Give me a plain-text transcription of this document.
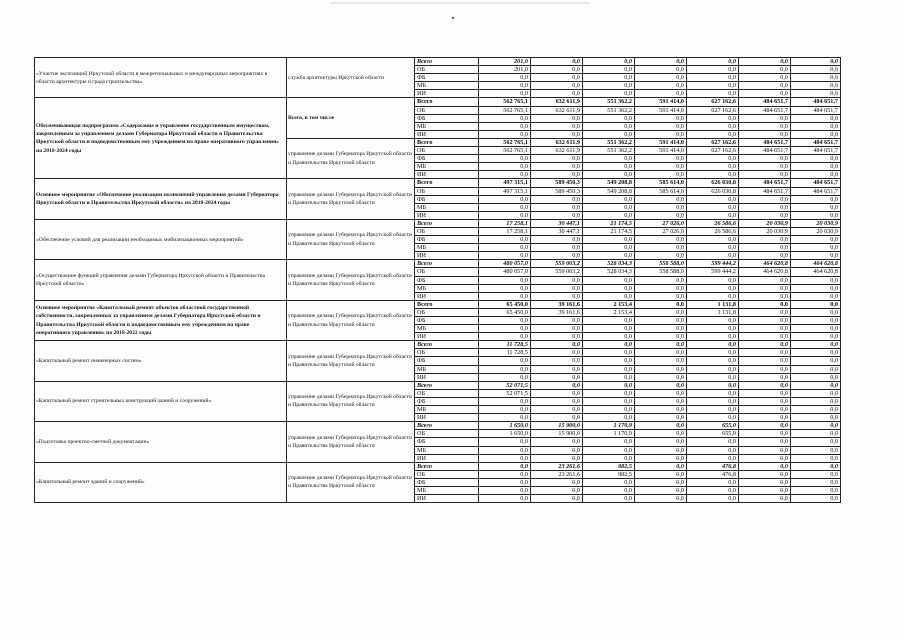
«Участие экспозиций Иркутской области в межрегиональных и международных мероприятиях в области архитектуры и градостроительства»	служба архитектуры Иркутской области	Всего	201,0	0,0	0,0	0,0	0,0	0,0	0,0
		ОБ	201,0	0,0	0,0	0,0	0,0	0,0	0,0
		ФБ	0,0	0,0	0,0	0,0	0,0	0,0	0,0
		МБ	0,0	0,0	0,0	0,0	0,0	0,0	0,0
		ИИ	0,0	0,0	0,0	0,0	0,0	0,0	0,0
Обеспечивающая подпрограмма «Содержание и управление государственным имуществом, закрепленным за управлением делами Губернатора Иркутской области и Правительства Иркутской области и подведомственным ему учреждением на праве оперативного управления» на 2018-2024 годы	Всего, в том числе	Всего	562 765,1	632 611,9	551 362,2	591 414,0	627 162,6	484 651,7	484 651,7
		ОБ	562 765,1	632 611,9	551 362,2	591 414,0	627 162,6	484 651,7	484 651,7
		ФБ	0,0	0,0	0,0	0,0	0,0	0,0	0,0
		МБ	0,0	0,0	0,0	0,0	0,0	0,0	0,0
		ИИ	0,0	0,0	0,0	0,0	0,0	0,0	0,0
	управление делами Губернатора Иркутской области и Правительства Иркутской области	Всего	562 765,1	632 611,9	551 362,2	591 414,0	627 162,6	484 651,7	484 651,7
		ОБ	562 765,1	632 611,9	551 362,2	591 414,0	627 162,6	484 651,7	484 651,7
		ФБ	0,0	0,0	0,0	0,0	0,0	0,0	0,0
		МБ	0,0	0,0	0,0	0,0	0,0	0,0	0,0
		ИИ	0,0	0,0	0,0	0,0	0,0	0,0	0,0
Основное мероприятие «Обеспечение реализации полномочий управления делами Губернатора Иркутской области и Правительства Иркутской области» на 2018-2024 годы	управление делами Губернатора Иркутской области и Правительства Иркутской области	Всего	497 315,1	589 450,3	549 208,8	585 614,0	626 030,8	484 651,7	484 651,7
		ОБ	497 315,1	589 450,3	549 208,8	585 614,0	626 030,8	484 651,7	484 651,7
		ФБ	0,0	0,0	0,0	0,0	0,0	0,0	0,0
		МБ	0,0	0,0	0,0	0,0	0,0	0,0	0,0
		ИИ	0,0	0,0	0,0	0,0	0,0	0,0	0,0
«Обеспечение условий для реализации необходимых мобилизационных мероприятий»	управление делами Губернатора Иркутской области и Правительства Иркутской области	Всего	17 258,1	30 447,1	21 174,5	27 026,0	26 586,6	20 030,9	20 030,9
		ОБ	17 258,1	30 447,1	21 174,5	27 026,0	26 586,6	20 030,9	20 030,9
		ФБ	0,0	0,0	0,0	0,0	0,0	0,0	0,0
		МБ	0,0	0,0	0,0	0,0	0,0	0,0	0,0
		ИИ	0,0	0,0	0,0	0,0	0,0	0,0	0,0
«Осуществление функций управления делами Губернатора Иркутской области и Правительства Иркутской области»	управление делами Губернатора Иркутской области и Правительства Иркутской области	Всего	480 057,0	559 003,2	528 034,3	558 588,0	599 444,2	464 620,8	464 620,8
		ОБ	480 057,0	559 003,2	528 034,3	558 588,0	599 444,2	464 620,8	464 620,8
		ФБ	0,0	0,0	0,0	0,0	0,0	0,0	0,0
		МБ	0,0	0,0	0,0	0,0	0,0	0,0	0,0
		ИИ	0,0	0,0	0,0	0,0	0,0	0,0	0,0
Основное мероприятие «Капитальный ремонт объектов областной государственной собственности, закрепленных за управлением делами Губернатора Иркутской области и Правительства Иркутской области и подведомственным ему учреждением на праве оперативного управления» на 2018-2022 годы	управление делами Губернатора Иркутской области и Правительства Иркутской области	Всего	65 450,0	39 161,6	2 153,4	0,0	1 131,8	0,0	0,0
		ОБ	65 450,0	39 161,6	2 153,4	0,0	1 131,8	0,0	0,0
		ФБ	0,0	0,0	0,0	0,0	0,0	0,0	0,0
		МБ	0,0	0,0	0,0	0,0	0,0	0,0	0,0
		ИИ	0,0	0,0	0,0	0,0	0,0	0,0	0,0
«Капитальный ремонт инженерных систем»	управление делами Губернатора Иркутской области и Правительства Иркутской области	Всего	11 728,5	0,0	0,0	0,0	0,0	0,0	0,0
		ОБ	11 728,5	0,0	0,0	0,0	0,0	0,0	0,0
		ФБ	0,0	0,0	0,0	0,0	0,0	0,0	0,0
		МБ	0,0	0,0	0,0	0,0	0,0	0,0	0,0
		ИИ	0,0	0,0	0,0	0,0	0,0	0,0	0,0
«Капитальный ремонт строительных конструкций зданий и сооружений»	управление делами Губернатора Иркутской области и Правительства Иркутской области	Всего	52 071,5	0,0	0,0	0,0	0,0	0,0	0,0
		ОБ	52 071,5	0,0	0,0	0,0	0,0	0,0	0,0
		ФБ	0,0	0,0	0,0	0,0	0,0	0,0	0,0
		МБ	0,0	0,0	0,0	0,0	0,0	0,0	0,0
		ИИ	0,0	0,0	0,0	0,0	0,0	0,0	0,0
«Подготовка проектно-сметной документации»	управление делами Губернатора Иркутской области и Правительства Иркутской области	Всего	1 650,0	15 900,0	1 170,9	0,0	655,0	0,0	0,0
		ОБ	1 650,0	15 900,0	1 170,9	0,0	655,0	0,0	0,0
		ФБ	0,0	0,0	0,0	0,0	0,0	0,0	0,0
		МБ	0,0	0,0	0,0	0,0	0,0	0,0	0,0
		ИИ	0,0	0,0	0,0	0,0	0,0	0,0	0,0
«Капитальный ремонт зданий и сооружений»	управление делами Губернатора Иркутской области и Правительства Иркутской области	Всего	0,0	23 261,6	982,5	0,0	476,8	0,0	0,0
		ОБ	0,0	23 261,6	982,5	0,0	476,8	0,0	0,0
		ФБ	0,0	0,0	0,0	0,0	0,0	0,0	0,0
		МБ	0,0	0,0	0,0	0,0	0,0	0,0	0,0
		ИИ	0,0	0,0	0,0	0,0	0,0	0,0	0,0
